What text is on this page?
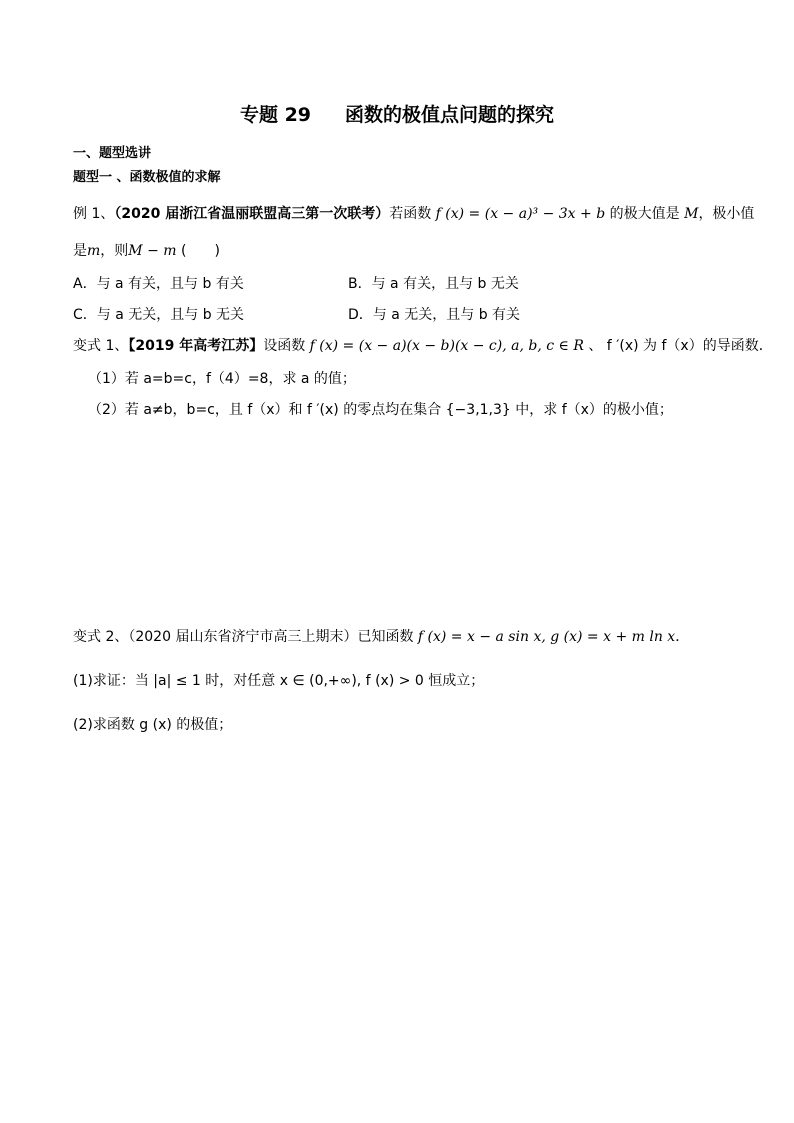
专题 29 函数的极值点问题的探究
一、题型选讲
题型一 、函数极值的求解
例 1、（2020 届浙江省温丽联盟高三第一次联考）若函数 f (x) = (x − a)³ − 3x + b 的极大值是 M，极小值
是m，则M − m (　　)
A．与 a 有关，且与 b 有关	B．与 a 有关，且与 b 无关
C．与 a 无关，且与 b 无关	D．与 a 无关，且与 b 有关
变式 1、【2019 年高考江苏】设函数 f (x) = (x − a)(x − b)(x − c), a, b, c ∈ R 、 f ′(x) 为 f（x）的导函数．
（1）若 a=b=c，f（4）=8，求 a 的值；
（2）若 a≠b，b=c，且 f（x）和 f ′(x) 的零点均在集合 {−3,1,3} 中，求 f（x）的极小值；
变式 2、（2020 届山东省济宁市高三上期末）已知函数 f (x) = x − a sin x, g (x) = x + m ln x．
(1)求证：当 |a| ≤ 1 时，对任意 x ∈ (0,+∞), f (x) > 0 恒成立；
(2)求函数 g (x) 的极值；
